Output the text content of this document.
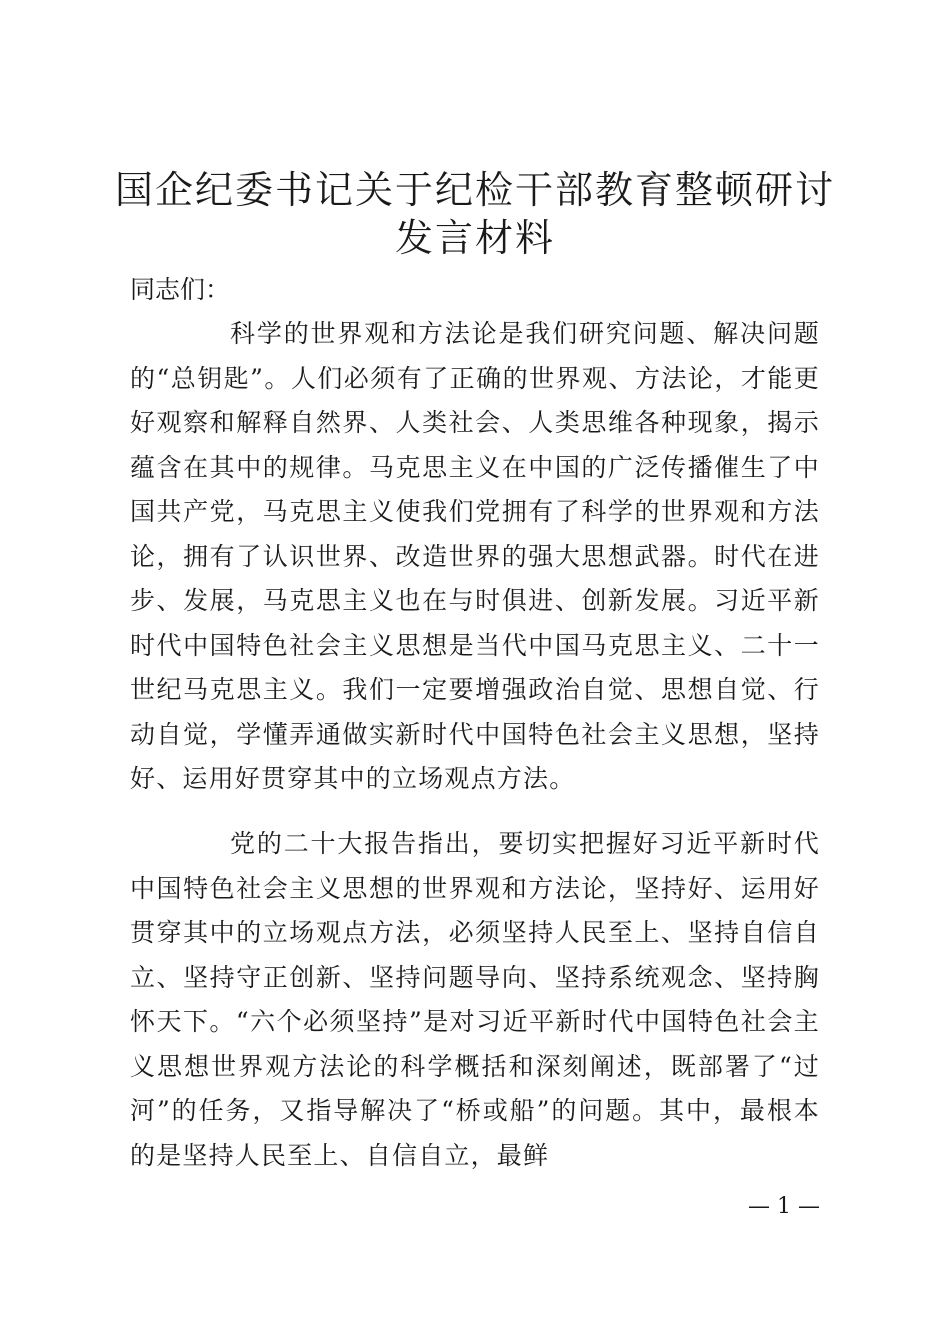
国企纪委书记关于纪检干部教育整顿研讨发言材料

同志们：

科学的世界观和方法论是我们研究问题、解决问题的“总钥匙”。人们必须有了正确的世界观、方法论，才能更好观察和解释自然界、人类社会、人类思维各种现象，揭示蕴含在其中的规律。马克思主义在中国的广泛传播催生了中国共产党，马克思主义使我们党拥有了科学的世界观和方法论，拥有了认识世界、改造世界的强大思想武器。时代在进步、发展，马克思主义也在与时俱进、创新发展。习近平新时代中国特色社会主义思想是当代中国马克思主义、二十一世纪马克思主义。我们一定要增强政治自觉、思想自觉、行动自觉，学懂弄通做实新时代中国特色社会主义思想，坚持好、运用好贯穿其中的立场观点方法。

党的二十大报告指出，要切实把握好习近平新时代中国特色社会主义思想的世界观和方法论，坚持好、运用好贯穿其中的立场观点方法，必须坚持人民至上、坚持自信自立、坚持守正创新、坚持问题导向、坚持系统观念、坚持胸怀天下。“六个必须坚持”是对习近平新时代中国特色社会主义思想世界观方法论的科学概括和深刻阐述，既部署了“过河”的任务，又指导解决了“桥或船”的问题。其中，最根本的是坚持人民至上、自信自立，最鲜

— 1 —
